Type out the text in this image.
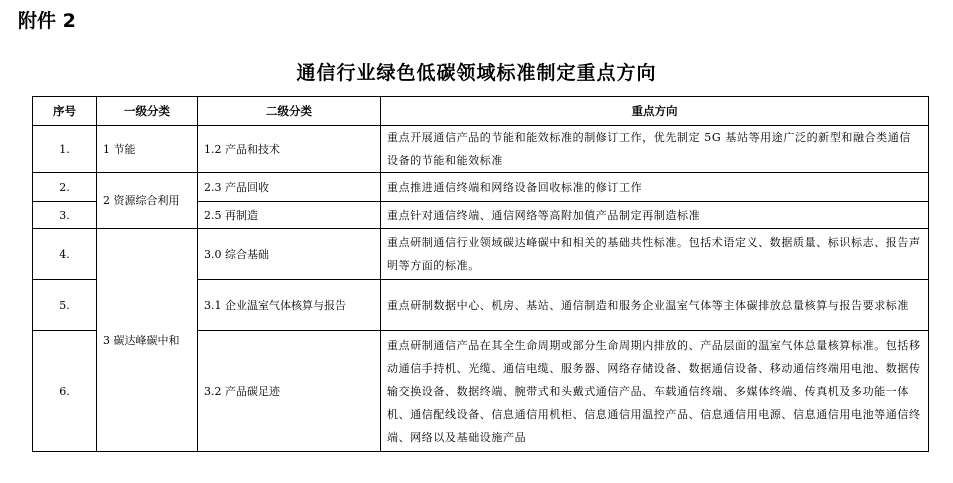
附件 2
通信行业绿色低碳领域标准制定重点方向
序号	一级分类	二级分类	重点方向
1.	1 节能	1.2 产品和技术	重点开展通信产品的节能和能效标准的制修订工作，优先制定 5G 基站等用途广泛的新型和融合类通信设备的节能和能效标准
2.	2 资源综合利用	2.3 产品回收	重点推进通信终端和网络设备回收标准的修订工作
3.		2.5 再制造	重点针对通信终端、通信网络等高附加值产品制定再制造标准
4.	3 碳达峰碳中和	3.0 综合基础	重点研制通信行业领域碳达峰碳中和相关的基础共性标准。包括术语定义、数据质量、标识标志、报告声明等方面的标准。
5.		3.1 企业温室气体核算与报告	重点研制数据中心、机房、基站、通信制造和服务企业温室气体等主体碳排放总量核算与报告要求标准
6.		3.2 产品碳足迹	重点研制通信产品在其全生命周期或部分生命周期内排放的、产品层面的温室气体总量核算标准。包括移动通信手持机、光缆、通信电缆、服务器、网络存储设备、数据通信设备、移动通信终端用电池、数据传输交换设备、数据终端、腕带式和头戴式通信产品、车载通信终端、多媒体终端、传真机及多功能一体机、通信配线设备、信息通信用机柜、信息通信用温控产品、信息通信用电源、信息通信用电池等通信终端、网络以及基础设施产品
